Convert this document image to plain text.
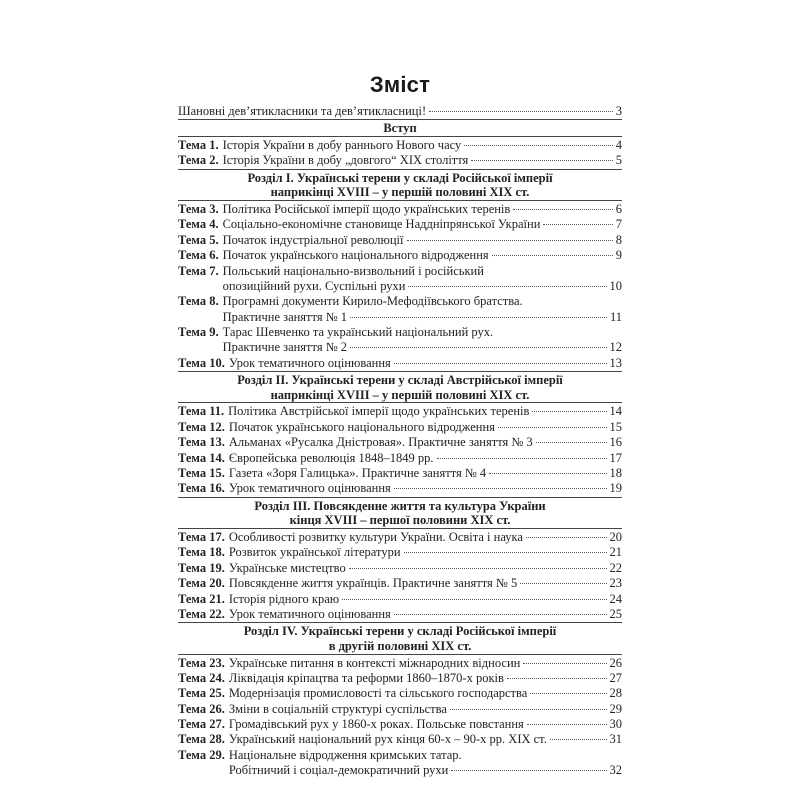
Зміст
Шановні дев’ятикласники та дев’ятикласниці!	3
Вступ
Тема 1. Історія України в добу раннього Нового часу	4
Тема 2. Історія України в добу „довгого“ ХІХ століття	5
Розділ I. Українські терени у складі Російської імперії
наприкінці XVIII – у першій половині ХІХ ст.
Тема 3. Політика Російської імперії щодо українських теренів	6
Тема 4. Соціально-економічне становище Наддніпрянської України	7
Тема 5. Початок індустріальної революції	8
Тема 6. Початок українського національного відродження	9
Тема 7. Польський національно-визвольний і російський
опозиційний рухи. Суспільні рухи	10
Тема 8. Програмні документи Кирило-Мефодіївського братства.
Практичне заняття № 1	11
Тема 9. Тарас Шевченко та український національний рух.
Практичне заняття № 2	12
Тема 10. Урок тематичного оцінювання	13
Розділ II. Українські терени у складі Австрійської імперії
наприкінці XVIII – у першій половині ХІХ ст.
Тема 11. Політика Австрійської імперії щодо українських теренів	14
Тема 12. Початок українського національного відродження	15
Тема 13. Альманах «Русалка Дністровая». Практичне заняття № 3	16
Тема 14. Європейська революція 1848–1849 рр.	17
Тема 15. Газета «Зоря Галицька». Практичне заняття № 4	18
Тема 16. Урок тематичного оцінювання	19
Розділ III. Повсякденне життя та культура України
кінця XVIII – першої половини ХІХ ст.
Тема 17. Особливості розвитку культури України. Освіта і наука	20
Тема 18. Розвиток української літератури	21
Тема 19. Українське мистецтво	22
Тема 20. Повсякденне життя українців. Практичне заняття № 5	23
Тема 21. Історія рідного краю	24
Тема 22. Урок тематичного оцінювання	25
Розділ IV. Українські терени у складі Російської імперії
в другій половині ХІХ ст.
Тема 23. Українське питання в контексті міжнародних відносин	26
Тема 24. Ліквідація кріпацтва та реформи 1860–1870-х років	27
Тема 25. Модернізація промисловості та сільського господарства	28
Тема 26. Зміни в соціальній структурі суспільства	29
Тема 27. Громадівський рух у 1860-х роках. Польське повстання	30
Тема 28. Український національний рух кінця 60-х – 90-х рр. ХІХ ст.	31
Тема 29. Національне відродження кримських татар.
Робітничий і соціал-демократичний рухи	32
